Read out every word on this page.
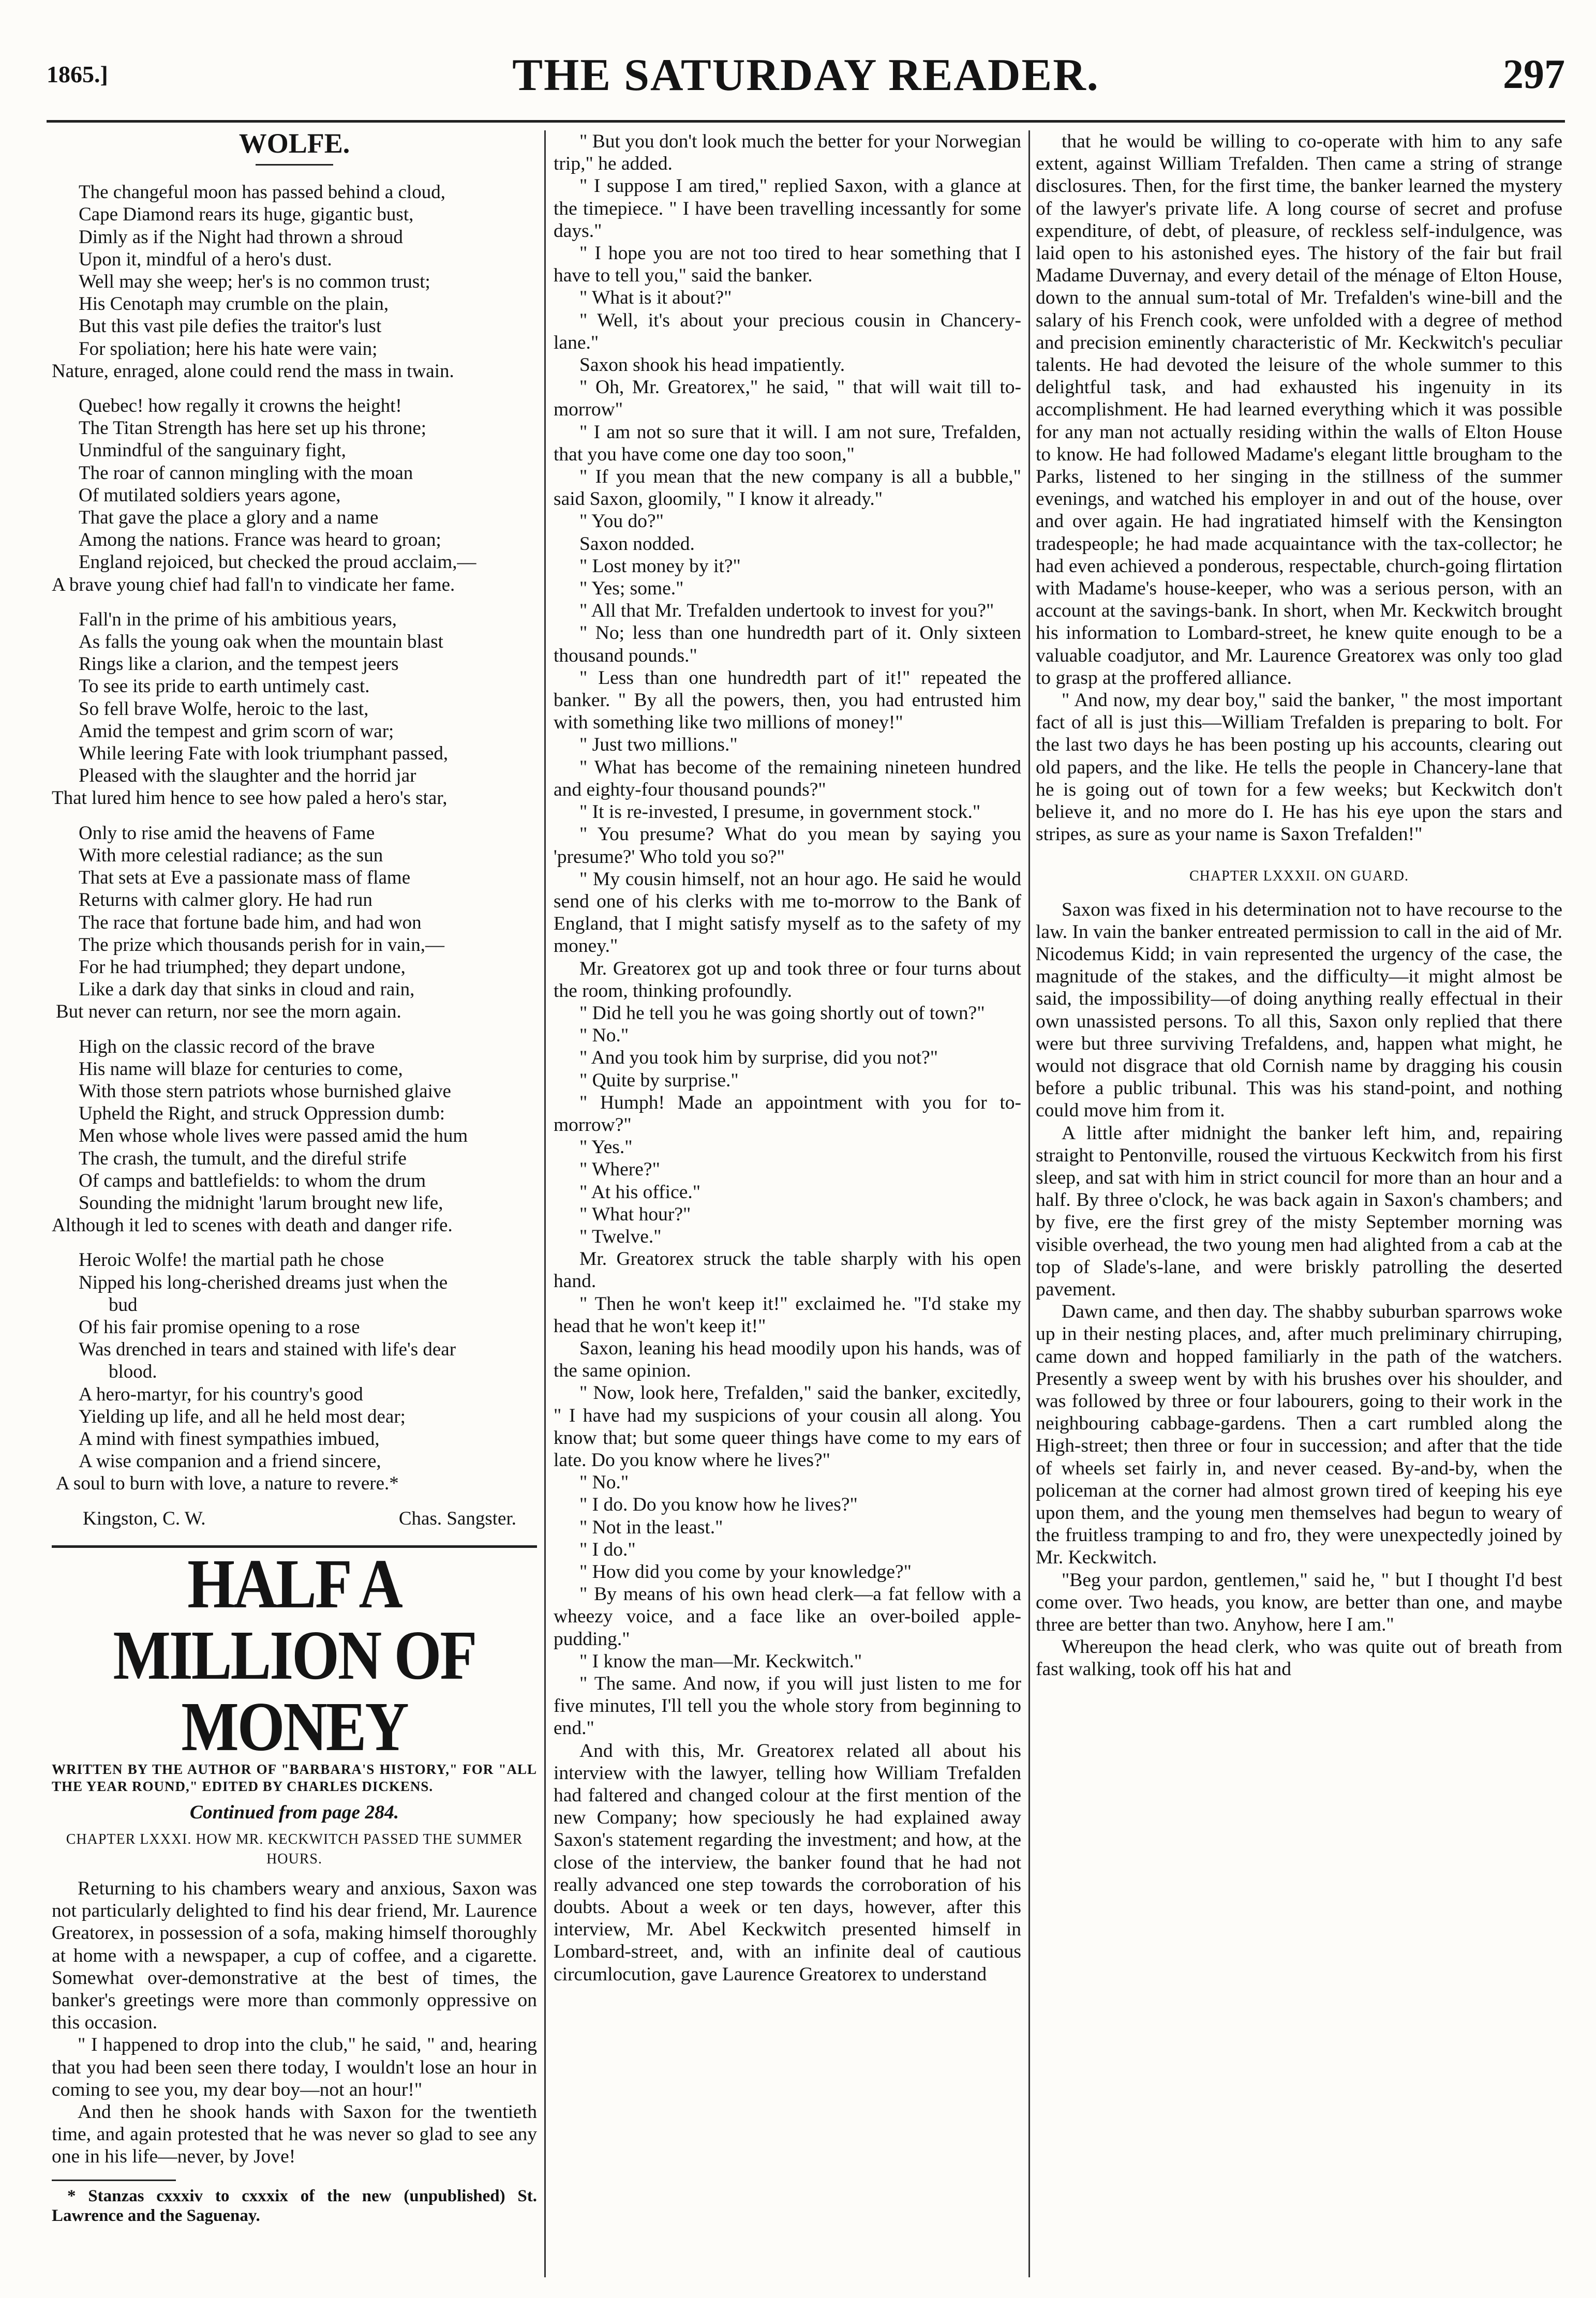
1865.]	THE SATURDAY READER.	297
WOLFE.
The changeful moon has passed behind a cloud,
Cape Diamond rears its huge, gigantic bust,
Dimly as if the Night had thrown a shroud
Upon it, mindful of a hero's dust.
Well may she weep; her's is no common trust;
His Cenotaph may crumble on the plain,
But this vast pile defies the traitor's lust
For spoliation; here his hate were vain;
Nature, enraged, alone could rend the mass in twain.
Quebec! how regally it crowns the height!
The Titan Strength has here set up his throne;
Unmindful of the sanguinary fight,
The roar of cannon mingling with the moan
Of mutilated soldiers years agone,
That gave the place a glory and a name
Among the nations. France was heard to groan;
England rejoiced, but checked the proud acclaim,—
A brave young chief had fall'n to vindicate her fame.
Fall'n in the prime of his ambitious years,
As falls the young oak when the mountain blast
Rings like a clarion, and the tempest jeers
To see its pride to earth untimely cast.
So fell brave Wolfe, heroic to the last,
Amid the tempest and grim scorn of war;
While leering Fate with look triumphant passed,
Pleased with the slaughter and the horrid jar
That lured him hence to see how paled a hero's star,
Only to rise amid the heavens of Fame
With more celestial radiance; as the sun
That sets at Eve a passionate mass of flame
Returns with calmer glory. He had run
The race that fortune bade him, and had won
The prize which thousands perish for in vain,—
For he had triumphed; they depart undone,
Like a dark day that sinks in cloud and rain,
But never can return, nor see the morn again.
High on the classic record of the brave
His name will blaze for centuries to come,
With those stern patriots whose burnished glaive
Upheld the Right, and struck Oppression dumb:
Men whose whole lives were passed amid the hum
The crash, the tumult, and the direful strife
Of camps and battlefields: to whom the drum
Sounding the midnight 'larum brought new life,
Although it led to scenes with death and danger rife.
Heroic Wolfe! the martial path he chose
Nipped his long-cherished dreams just when the
bud
Of his fair promise opening to a rose
Was drenched in tears and stained with life's dear
blood.
A hero-martyr, for his country's good
Yielding up life, and all he held most dear;
A mind with finest sympathies imbued,
A wise companion and a friend sincere,
A soul to burn with love, a nature to revere.*
Kingston, C. W.	Chas. Sangster.
HALF A MILLION OF MONEY
WRITTEN BY THE AUTHOR OF "BARBARA'S HISTORY," FOR "ALL THE YEAR ROUND," EDITED BY CHARLES DICKENS.
Continued from page 284.
CHAPTER LXXXI. HOW MR. KECKWITCH PASSED THE SUMMER HOURS.

Returning to his chambers weary and anxious, Saxon was not particularly delighted to find his dear friend, Mr. Laurence Greatorex, in possession of a sofa, making himself thoroughly at home with a newspaper, a cup of coffee, and a cigarette. Somewhat over-demonstrative at the best of times, the banker's greetings were more than commonly oppressive on this occasion.

" I happened to drop into the club," he said, " and, hearing that you had been seen there today, I wouldn't lose an hour in coming to see you, my dear boy—not an hour!"

And then he shook hands with Saxon for the twentieth time, and again protested that he was never so glad to see any one in his life—never, by Jove!

* Stanzas cxxxiv to cxxxix of the new (unpublished) St. Lawrence and the Saguenay.

" But you don't look much the better for your Norwegian trip," he added.

" I suppose I am tired," replied Saxon, with a glance at the timepiece. " I have been travelling incessantly for some days."

" I hope you are not too tired to hear something that I have to tell you," said the banker.

" What is it about?"

" Well, it's about your precious cousin in Chancery-lane."

Saxon shook his head impatiently.

" Oh, Mr. Greatorex," he said, " that will wait till to-morrow"

" I am not so sure that it will. I am not sure, Trefalden, that you have come one day too soon,"

" If you mean that the new company is all a bubble," said Saxon, gloomily, " I know it already."

" You do?"

Saxon nodded.

" Lost money by it?"

" Yes; some."

" All that Mr. Trefalden undertook to invest for you?"

" No; less than one hundredth part of it. Only sixteen thousand pounds."

" Less than one hundredth part of it!" repeated the banker. " By all the powers, then, you had entrusted him with something like two millions of money!"

" Just two millions."

" What has become of the remaining nineteen hundred and eighty-four thousand pounds?"

" It is re-invested, I presume, in government stock."

" You presume? What do you mean by saying you 'presume?' Who told you so?"

" My cousin himself, not an hour ago. He said he would send one of his clerks with me to-morrow to the Bank of England, that I might satisfy myself as to the safety of my money."

Mr. Greatorex got up and took three or four turns about the room, thinking profoundly.

" Did he tell you he was going shortly out of town?"

" No."

" And you took him by surprise, did you not?"

" Quite by surprise."

" Humph! Made an appointment with you for to-morrow?"

" Yes."

" Where?"

" At his office."

" What hour?"

" Twelve."

Mr. Greatorex struck the table sharply with his open hand.

" Then he won't keep it!" exclaimed he. "I'd stake my head that he won't keep it!"

Saxon, leaning his head moodily upon his hands, was of the same opinion.

" Now, look here, Trefalden," said the banker, excitedly, " I have had my suspicions of your cousin all along. You know that; but some queer things have come to my ears of late. Do you know where he lives?"

" No."

" I do. Do you know how he lives?"

" Not in the least."

" I do."

" How did you come by your knowledge?"

" By means of his own head clerk—a fat fellow with a wheezy voice, and a face like an over-boiled apple-pudding."

" I know the man—Mr. Keckwitch."

" The same. And now, if you will just listen to me for five minutes, I'll tell you the whole story from beginning to end."

And with this, Mr. Greatorex related all about his interview with the lawyer, telling how William Trefalden had faltered and changed colour at the first mention of the new Company; how speciously he had explained away Saxon's statement regarding the investment; and how, at the close of the interview, the banker found that he had not really advanced one step towards the corroboration of his doubts. About a week or ten days, however, after this interview, Mr. Abel Keckwitch presented himself in Lombard-street, and, with an infinite deal of cautious circumlocution, gave Laurence Greatorex to understand

that he would be willing to co-operate with him to any safe extent, against William Trefalden. Then came a string of strange disclosures. Then, for the first time, the banker learned the mystery of the lawyer's private life. A long course of secret and profuse expenditure, of debt, of pleasure, of reckless self-indulgence, was laid open to his astonished eyes. The history of the fair but frail Madame Duvernay, and every detail of the ménage of Elton House, down to the annual sum-total of Mr. Trefalden's wine-bill and the salary of his French cook, were unfolded with a degree of method and precision eminently characteristic of Mr. Keckwitch's peculiar talents. He had devoted the leisure of the whole summer to this delightful task, and had exhausted his ingenuity in its accomplishment. He had learned everything which it was possible for any man not actually residing within the walls of Elton House to know. He had followed Madame's elegant little brougham to the Parks, listened to her singing in the stillness of the summer evenings, and watched his employer in and out of the house, over and over again. He had ingratiated himself with the Kensington tradespeople; he had made acquaintance with the tax-collector; he had even achieved a ponderous, respectable, church-going flirtation with Madame's house-keeper, who was a serious person, with an account at the savings-bank. In short, when Mr. Keckwitch brought his information to Lombard-street, he knew quite enough to be a valuable coadjutor, and Mr. Laurence Greatorex was only too glad to grasp at the proffered alliance.

" And now, my dear boy," said the banker, " the most important fact of all is just this—William Trefalden is preparing to bolt. For the last two days he has been posting up his accounts, clearing out old papers, and the like. He tells the people in Chancery-lane that he is going out of town for a few weeks; but Keckwitch don't believe it, and no more do I. He has his eye upon the stars and stripes, as sure as your name is Saxon Trefalden!"

CHAPTER LXXXII. ON GUARD.

Saxon was fixed in his determination not to have recourse to the law. In vain the banker entreated permission to call in the aid of Mr. Nicodemus Kidd; in vain represented the urgency of the case, the magnitude of the stakes, and the difficulty—it might almost be said, the impossibility—of doing anything really effectual in their own unassisted persons. To all this, Saxon only replied that there were but three surviving Trefaldens, and, happen what might, he would not disgrace that old Cornish name by dragging his cousin before a public tribunal. This was his stand-point, and nothing could move him from it.

A little after midnight the banker left him, and, repairing straight to Pentonville, roused the virtuous Keckwitch from his first sleep, and sat with him in strict council for more than an hour and a half. By three o'clock, he was back again in Saxon's chambers; and by five, ere the first grey of the misty September morning was visible overhead, the two young men had alighted from a cab at the top of Slade's-lane, and were briskly patrolling the deserted pavement.

Dawn came, and then day. The shabby suburban sparrows woke up in their nesting places, and, after much preliminary chirruping, came down and hopped familiarly in the path of the watchers. Presently a sweep went by with his brushes over his shoulder, and was followed by three or four labourers, going to their work in the neighbouring cabbage-gardens. Then a cart rumbled along the High-street; then three or four in succession; and after that the tide of wheels set fairly in, and never ceased. By-and-by, when the policeman at the corner had almost grown tired of keeping his eye upon them, and the young men themselves had begun to weary of the fruitless tramping to and fro, they were unexpectedly joined by Mr. Keckwitch.

"Beg your pardon, gentlemen," said he, " but I thought I'd best come over. Two heads, you know, are better than one, and maybe three are better than two. Anyhow, here I am."

Whereupon the head clerk, who was quite out of breath from fast walking, took off his hat and
